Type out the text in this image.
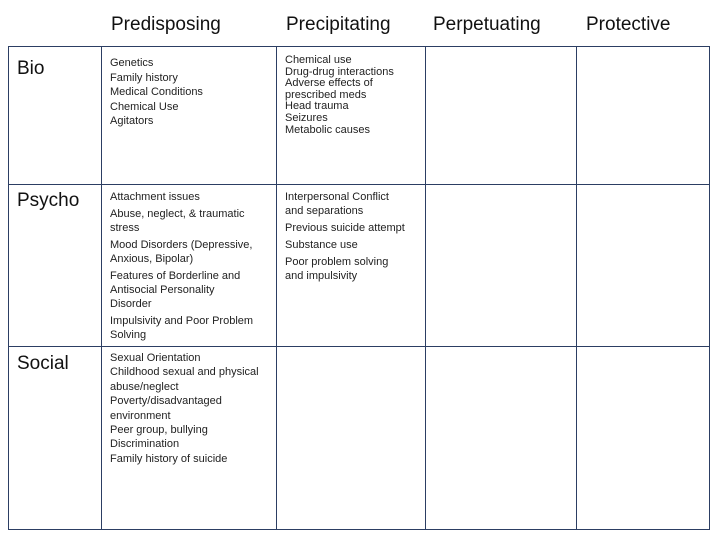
Predisposing	Precipitating Perpetuating Protective
Bio
Psycho
Social
Genetics
Family history
Medical Conditions
Chemical Use
Agitators
Chemical use
Drug-drug interactions
Adverse effects of
prescribed meds
Head trauma
Seizures
Metabolic causes
Attachment issues
Abuse, neglect, & traumatic
stress
Mood Disorders (Depressive,
Anxious, Bipolar)
Features of Borderline and
Antisocial Personality
Disorder
Impulsivity and Poor Problem
Solving
Interpersonal Conflict
and separations
Previous suicide attempt
Substance use
Poor problem solving
and impulsivity
Sexual Orientation
Childhood sexual and physical
abuse/neglect
Poverty/disadvantaged
environment
Peer group, bullying
Discrimination
Family history of suicide
